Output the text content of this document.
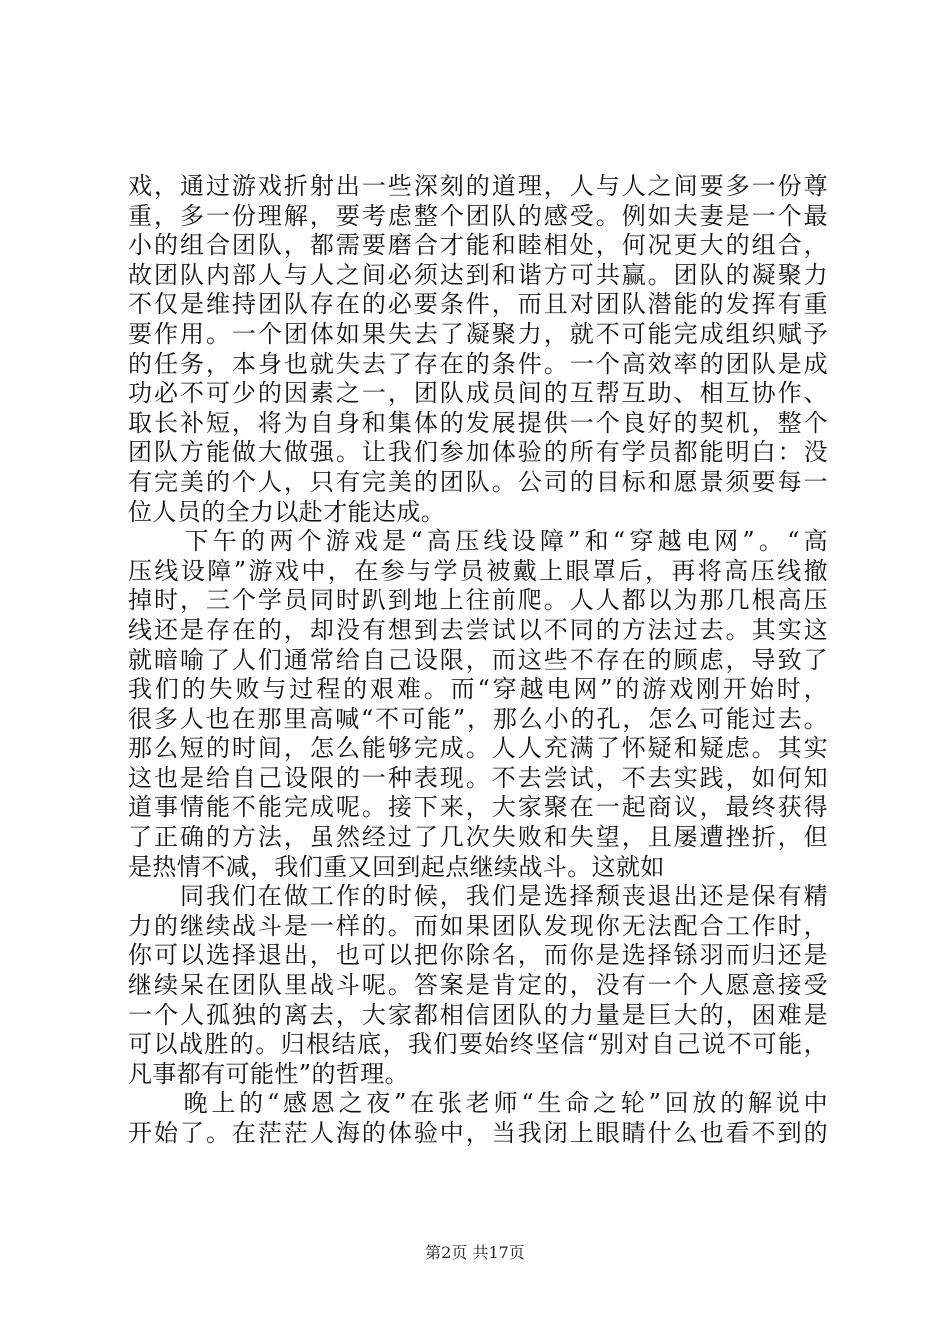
戏，通过游戏折射出一些深刻的道理，人与人之间要多一份尊
重，多一份理解，要考虑整个团队的感受。例如夫妻是一个最
小的组合团队，都需要磨合才能和睦相处，何况更大的组合，
故团队内部人与人之间必须达到和谐方可共赢。团队的凝聚力
不仅是维持团队存在的必要条件，而且对团队潜能的发挥有重
要作用。一个团体如果失去了凝聚力，就不可能完成组织赋予
的任务，本身也就失去了存在的条件。一个高效率的团队是成
功必不可少的因素之一，团队成员间的互帮互助、相互协作、
取长补短，将为自身和集体的发展提供一个良好的契机，整个
团队方能做大做强。让我们参加体验的所有学员都能明白：没
有完美的个人，只有完美的团队。公司的目标和愿景须要每一
位人员的全力以赴才能达成。
　　下午的两个游戏是“高压线设障”和“穿越电网”。“高
压线设障”游戏中，在参与学员被戴上眼罩后，再将高压线撤
掉时，三个学员同时趴到地上往前爬。人人都以为那几根高压
线还是存在的，却没有想到去尝试以不同的方法过去。其实这
就暗喻了人们通常给自己设限，而这些不存在的顾虑，导致了
我们的失败与过程的艰难。而“穿越电网”的游戏刚开始时，
很多人也在那里高喊“不可能”，那么小的孔，怎么可能过去。
那么短的时间，怎么能够完成。人人充满了怀疑和疑虑。其实
这也是给自己设限的一种表现。不去尝试，不去实践，如何知
道事情能不能完成呢。接下来，大家聚在一起商议，最终获得
了正确的方法，虽然经过了几次失败和失望，且屡遭挫折，但
是热情不减，我们重又回到起点继续战斗。这就如
　　同我们在做工作的时候，我们是选择颓丧退出还是保有精
力的继续战斗是一样的。而如果团队发现你无法配合工作时，
你可以选择退出，也可以把你除名，而你是选择铩羽而归还是
继续呆在团队里战斗呢。答案是肯定的，没有一个人愿意接受
一个人孤独的离去，大家都相信团队的力量是巨大的，困难是
可以战胜的。归根结底，我们要始终坚信“别对自己说不可能，
凡事都有可能性”的哲理。
　　晚上的“感恩之夜”在张老师“生命之轮”回放的解说中
开始了。在茫茫人海的体验中，当我闭上眼睛什么也看不到的
第2页 共17页
